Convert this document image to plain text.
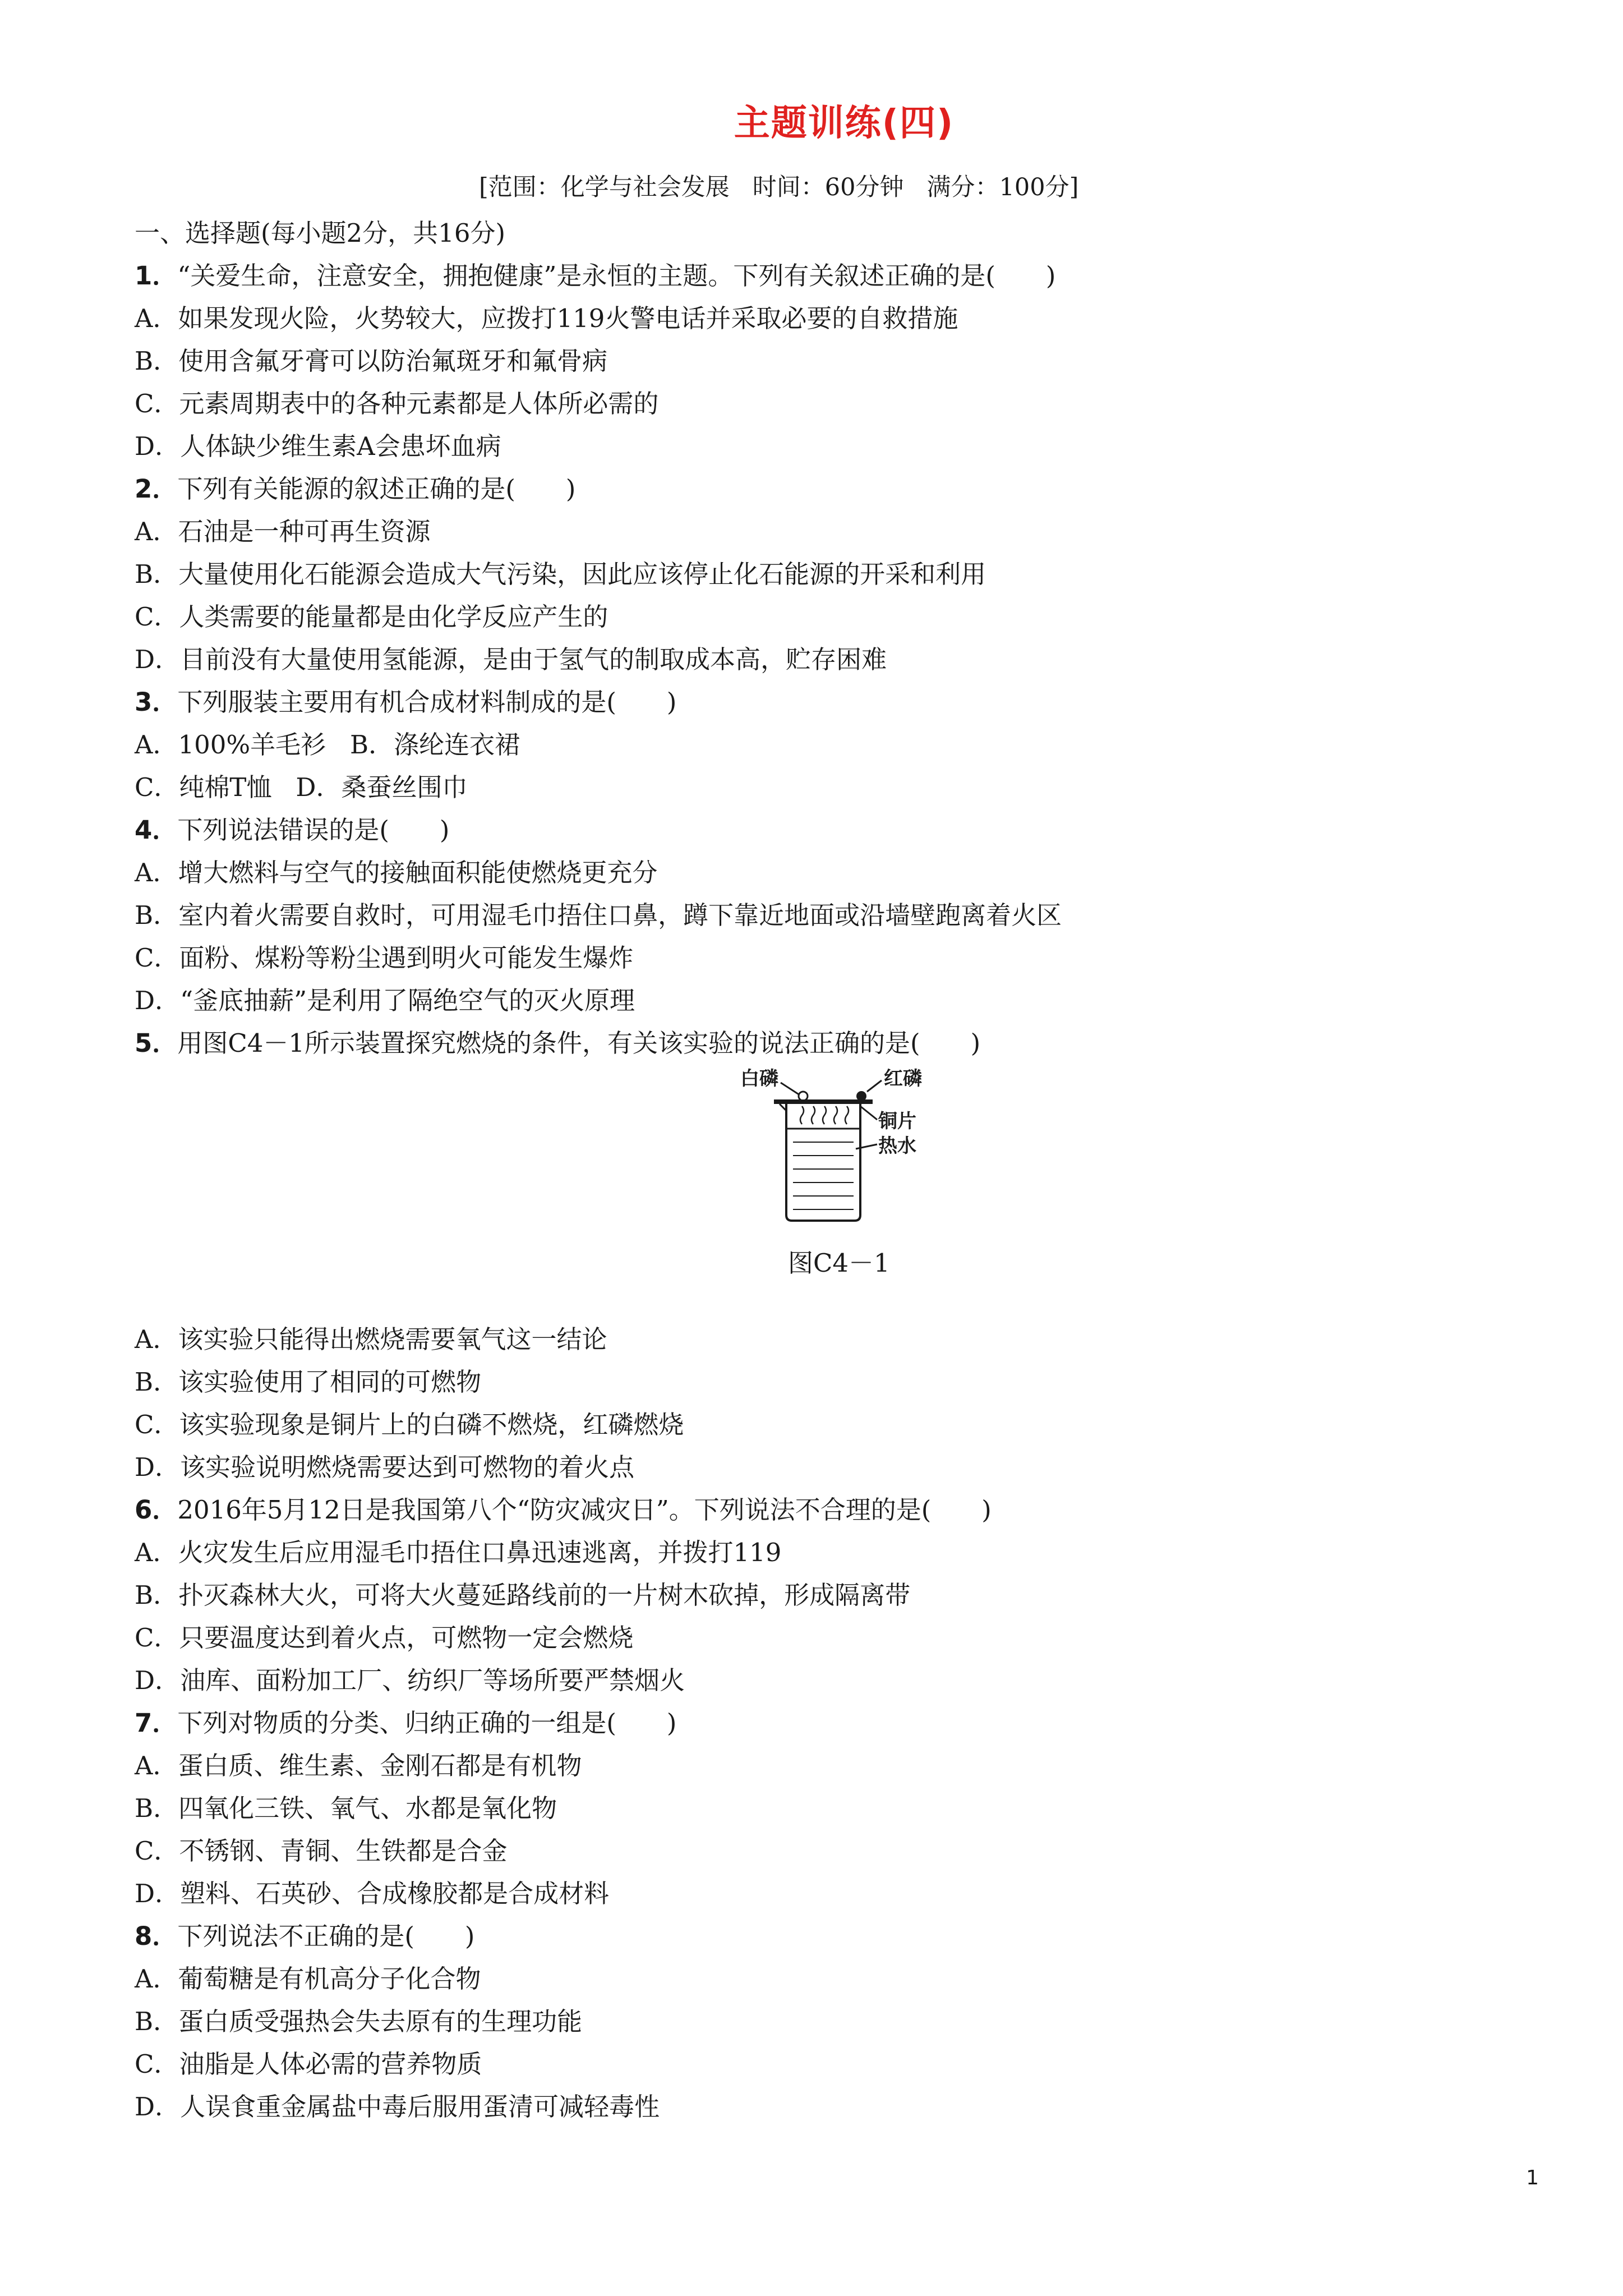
主题训练(四)
[范围：化学与社会发展   时间：60分钟   满分：100分]
一、选择题(每小题2分，共16分)
1．“关爱生命，注意安全，拥抱健康”是永恒的主题。下列有关叙述正确的是(　　)
A．如果发现火险，火势较大，应拨打119火警电话并采取必要的自救措施
B．使用含氟牙膏可以防治氟斑牙和氟骨病
C．元素周期表中的各种元素都是人体所必需的
D．人体缺少维生素A会患坏血病
2．下列有关能源的叙述正确的是(　　)
A．石油是一种可再生资源
B．大量使用化石能源会造成大气污染，因此应该停止化石能源的开采和利用
C．人类需要的能量都是由化学反应产生的
D．目前没有大量使用氢能源，是由于氢气的制取成本高，贮存困难
3．下列服装主要用有机合成材料制成的是(　　)
A．100%羊毛衫   B．涤纶连衣裙
C．纯棉T恤   D．桑蚕丝围巾
4．下列说法错误的是(　　)
A．增大燃料与空气的接触面积能使燃烧更充分
B．室内着火需要自救时，可用湿毛巾捂住口鼻，蹲下靠近地面或沿墙壁跑离着火区
C．面粉、煤粉等粉尘遇到明火可能发生爆炸
D．“釜底抽薪”是利用了隔绝空气的灭火原理
5．用图C4－1所示装置探究燃烧的条件，有关该实验的说法正确的是(　　)
白磷	红磷
铜片
热水
图C4－1
A．该实验只能得出燃烧需要氧气这一结论
B．该实验使用了相同的可燃物
C．该实验现象是铜片上的白磷不燃烧，红磷燃烧
D．该实验说明燃烧需要达到可燃物的着火点
6．2016年5月12日是我国第八个“防灾减灾日”。下列说法不合理的是(　　)
A．火灾发生后应用湿毛巾捂住口鼻迅速逃离，并拨打119
B．扑灭森林大火，可将大火蔓延路线前的一片树木砍掉，形成隔离带
C．只要温度达到着火点，可燃物一定会燃烧
D．油库、面粉加工厂、纺织厂等场所要严禁烟火
7．下列对物质的分类、归纳正确的一组是(　　)
A．蛋白质、维生素、金刚石都是有机物
B．四氧化三铁、氧气、水都是氧化物
C．不锈钢、青铜、生铁都是合金
D．塑料、石英砂、合成橡胶都是合成材料
8．下列说法不正确的是(　　)
A．葡萄糖是有机高分子化合物
B．蛋白质受强热会失去原有的生理功能
C．油脂是人体必需的营养物质
D．人误食重金属盐中毒后服用蛋清可减轻毒性
1
